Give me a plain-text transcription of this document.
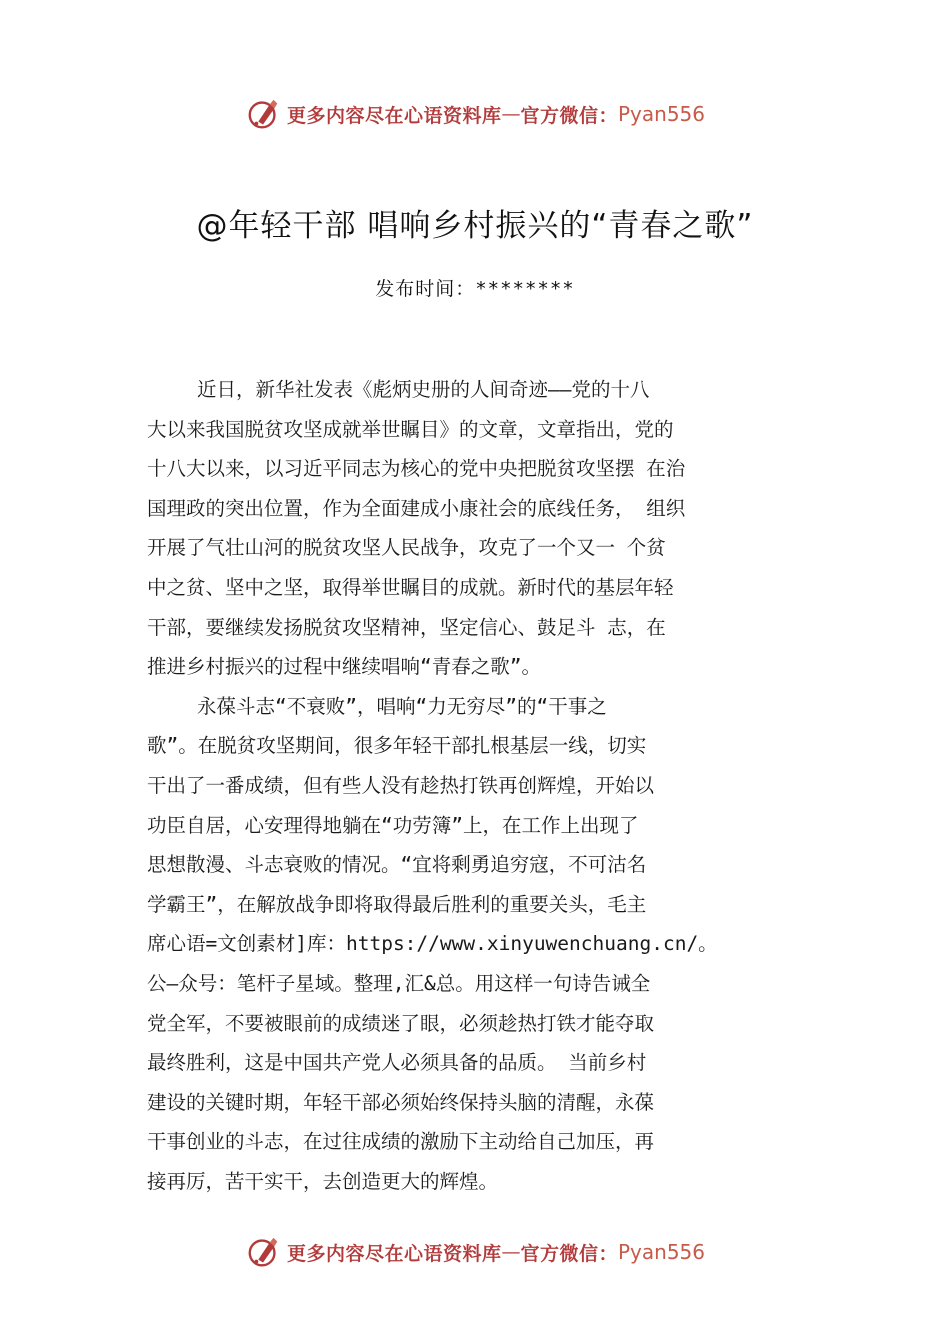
更多内容尽在心语资料库 — 官方微信： Pyan556
@年轻干部 唱响乡村振兴的“青春之歌”
发布时间：********
近日，新华社发表《彪炳史册的人间奇迹——党的十八
大以来我国脱贫攻坚成就举世瞩目》的文章，文章指出，党的
十八大以来，以习近平同志为核心的党中央把脱贫攻坚摆 在治
国理政的突出位置，作为全面建成小康社会的底线任务， 组织
开展了气壮山河的脱贫攻坚人民战争，攻克了一个又一 个贫
中之贫、坚中之坚，取得举世瞩目的成就。新时代的基层年轻
干部，要继续发扬脱贫攻坚精神，坚定信心、鼓足斗 志，在
推进乡村振兴的过程中继续唱响“青春之歌”。
永葆斗志“不衰败”，唱响“力无穷尽”的“干事之
歌”。在脱贫攻坚期间，很多年轻干部扎根基层一线，切实
干出了一番成绩，但有些人没有趁热打铁再创辉煌，开始以
功臣自居，心安理得地躺在“功劳簿”上，在工作上出现了
思想散漫、斗志衰败的情况。“宜将剩勇追穷寇，不可沽名
学霸王”，在解放战争即将取得最后胜利的重要关头，毛主
席心语=文创素材]库：https://www.xinyuwenchuang.cn/。
公—众号：笔杆子星域。整理,汇&总。用这样一句诗告诫全
党全军，不要被眼前的成绩迷了眼，必须趁热打铁才能夺取
最终胜利，这是中国共产党人必须具备的品质。 当前乡村
建设的关键时期，年轻干部必须始终保持头脑的清醒，永葆
干事创业的斗志，在过往成绩的激励下主动给自己加压，再
接再厉，苦干实干，去创造更大的辉煌。
更多内容尽在心语资料库 — 官方微信： Pyan556
